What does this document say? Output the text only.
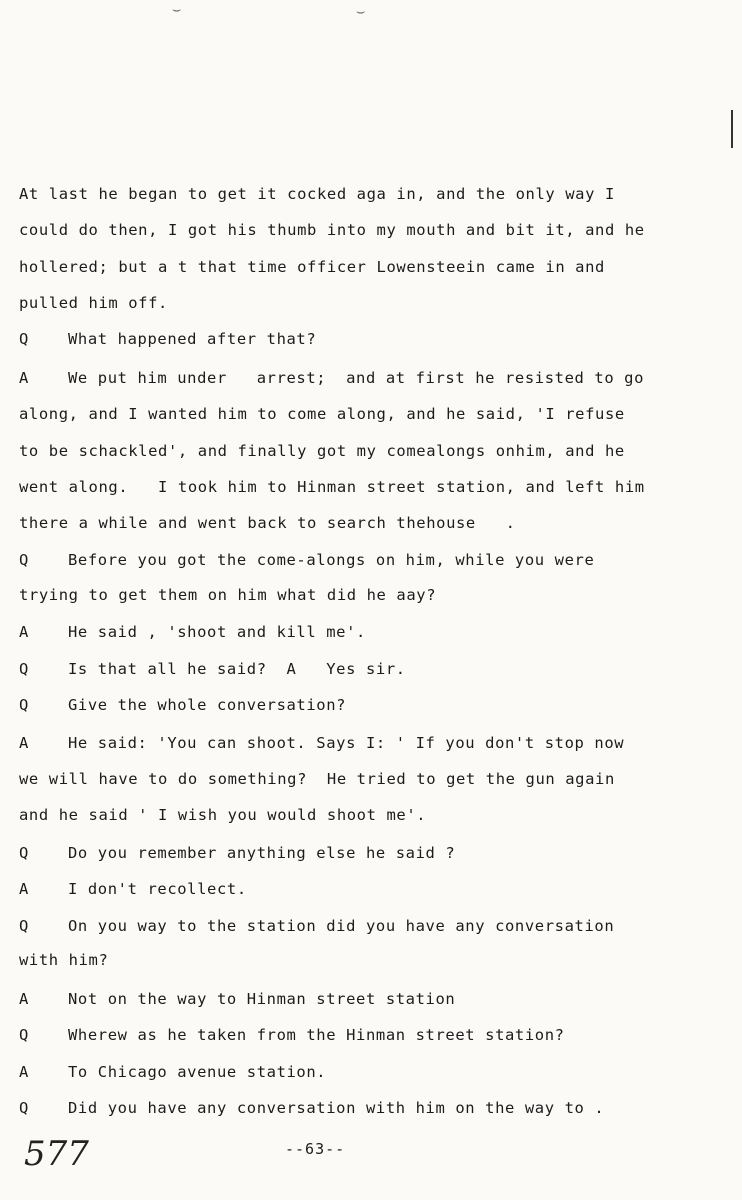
⌣	⌣
At last he began to get it cocked aga in, and the only way I
could do then, I got his thumb into my mouth and bit it, and he
hollered; but a t that time officer Lowensteein came in and
pulled him off.
Q	What happened after that?
A	We put him under   arrest;  and at first he resisted to go
along, and I wanted him to come along, and he said, 'I refuse
to be schackled', and finally got my comealongs onhim, and he
went along.   I took him to Hinman street station, and left him
there a while and went back to search thehouse   .
Q	Before you got the come-alongs on him, while you were
trying to get them on him what did he aay?
A	He said , 'shoot and kill me'.
Q	Is that all he said?  A   Yes sir.
Q	Give the whole conversation?
A	He said: 'You can shoot. Says I: ' If you don't stop now
we will have to do something?  He tried to get the gun again
and he said ' I wish you would shoot me'.
Q	Do you remember anything else he said ?
A	I don't recollect.
Q	On you way to the station did you have any conversation
with him?
A	Not on the way to Hinman street station
Q	Wherew as he taken from the Hinman street station?
A	To Chicago avenue station.
Q	Did you have any conversation with him on the way to .
--63--
577
